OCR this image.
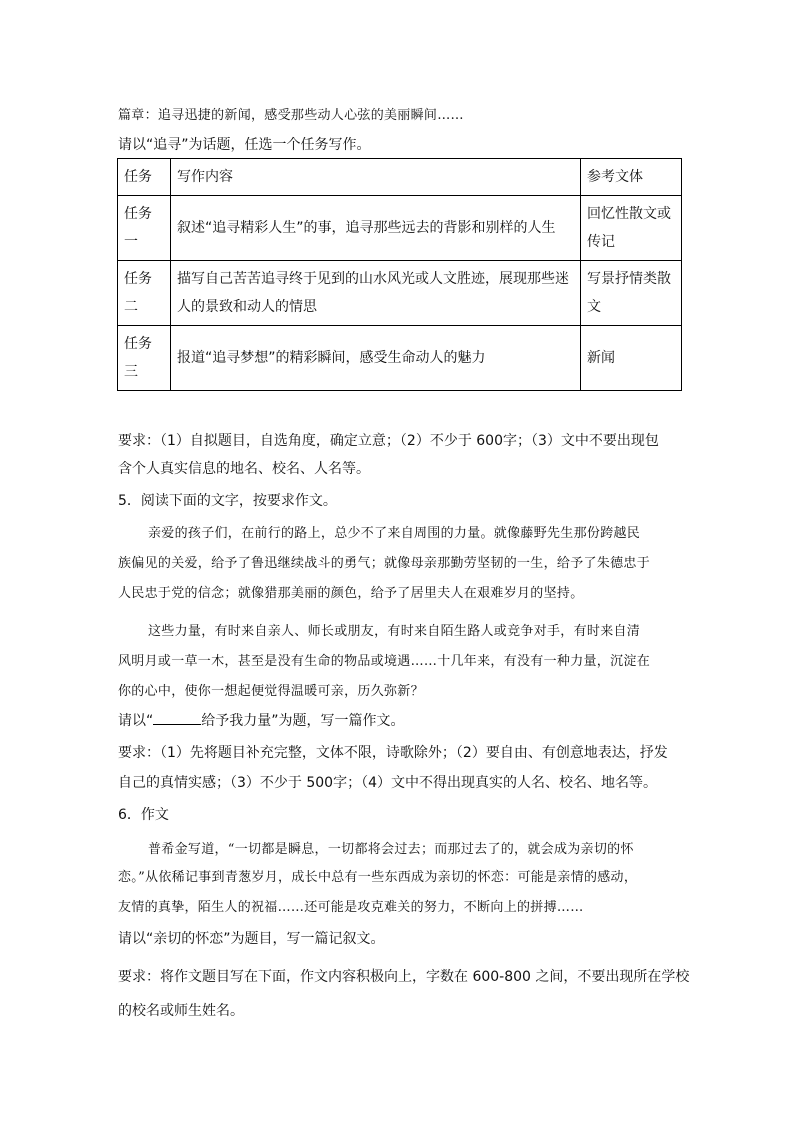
篇章：追寻迅捷的新闻，感受那些动人心弦的美丽瞬间……
请以“追寻”为话题，任选一个任务写作。
任务	写作内容	参考文体
任务一	叙述“追寻精彩人生”的事，追寻那些远去的背影和别样的人生	回忆性散文或传记
任务二	描写自己苦苦追寻终于见到的山水风光或人文胜迹，展现那些迷人的景致和动人的情思	写景抒情类散文
任务三	报道“追寻梦想”的精彩瞬间，感受生命动人的魅力	新闻
要求：（1）自拟题目，自选角度，确定立意；（2）不少于 600字；（3）文中不要出现包
含个人真实信息的地名、校名、人名等。
5．阅读下面的文字，按要求作文。
亲爱的孩子们，在前行的路上，总少不了来自周围的力量。就像藤野先生那份跨越民
族偏见的关爱，给予了鲁迅继续战斗的勇气；就像母亲那勤劳坚韧的一生，给予了朱德忠于
人民忠于党的信念；就像猎那美丽的颜色，给予了居里夫人在艰难岁月的坚持。
这些力量，有时来自亲人、师长或朋友，有时来自陌生路人或竞争对手，有时来自清
风明月或一草一木，甚至是没有生命的物品或境遇……十几年来，有没有一种力量，沉淀在
你的心中，使你一想起便觉得温暖可亲，历久弥新？
请以“	给予我力量”为题，写一篇作文。
要求：（1）先将题目补充完整，文体不限，诗歌除外；（2）要自由、有创意地表达，抒发
自己的真情实感；（3）不少于 500字；（4）文中不得出现真实的人名、校名、地名等。
6．作文
普希金写道，“一切都是瞬息，一切都将会过去；而那过去了的，就会成为亲切的怀
恋。”从依稀记事到青葱岁月，成长中总有一些东西成为亲切的怀恋：可能是亲情的感动，
友情的真挚，陌生人的祝福……还可能是攻克难关的努力，不断向上的拼搏……
请以“亲切的怀恋”为题目，写一篇记叙文。
要求：将作文题目写在下面，作文内容积极向上，字数在 600-800 之间，不要出现所在学校
的校名或师生姓名。
